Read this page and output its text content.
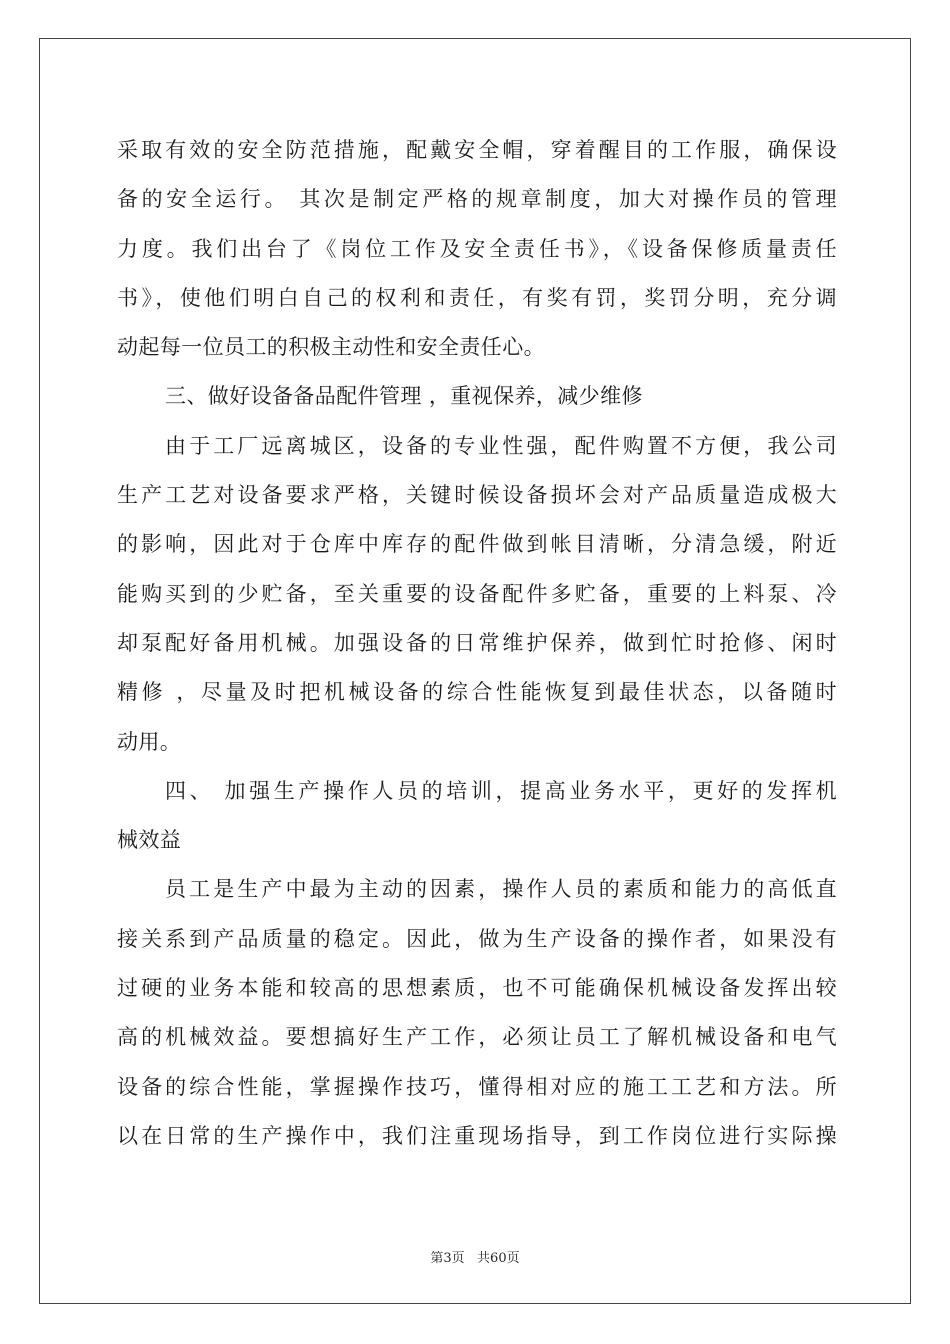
采取有效的安全防范措施，配戴安全帽，穿着醒目的工作服，确保设
备的安全运行。 其次是制定严格的规章制度，加大对操作员的管理
力度。我们出台了《岗位工作及安全责任书》，《设备保修质量责任
书》，使他们明白自己的权利和责任，有奖有罚，奖罚分明，充分调
动起每一位员工的积极主动性和安全责任心。
三、做好设备备品配件管理 ，重视保养，减少维修
由于工厂远离城区，设备的专业性强，配件购置不方便，我公司
生产工艺对设备要求严格，关键时候设备损坏会对产品质量造成极大
的影响，因此对于仓库中库存的配件做到帐目清晰，分清急缓，附近
能购买到的少贮备，至关重要的设备配件多贮备，重要的上料泵、冷
却泵配好备用机械。加强设备的日常维护保养，做到忙时抢修、闲时
精修 ，尽量及时把机械设备的综合性能恢复到最佳状态，以备随时
动用。
四、 加强生产操作人员的培训，提高业务水平，更好的发挥机
械效益
员工是生产中最为主动的因素，操作人员的素质和能力的高低直
接关系到产品质量的稳定。因此，做为生产设备的操作者，如果没有
过硬的业务本能和较高的思想素质，也不可能确保机械设备发挥出较
高的机械效益。要想搞好生产工作，必须让员工了解机械设备和电气
设备的综合性能，掌握操作技巧，懂得相对应的施工工艺和方法。所
以在日常的生产操作中，我们注重现场指导，到工作岗位进行实际操
第3页   共60页
